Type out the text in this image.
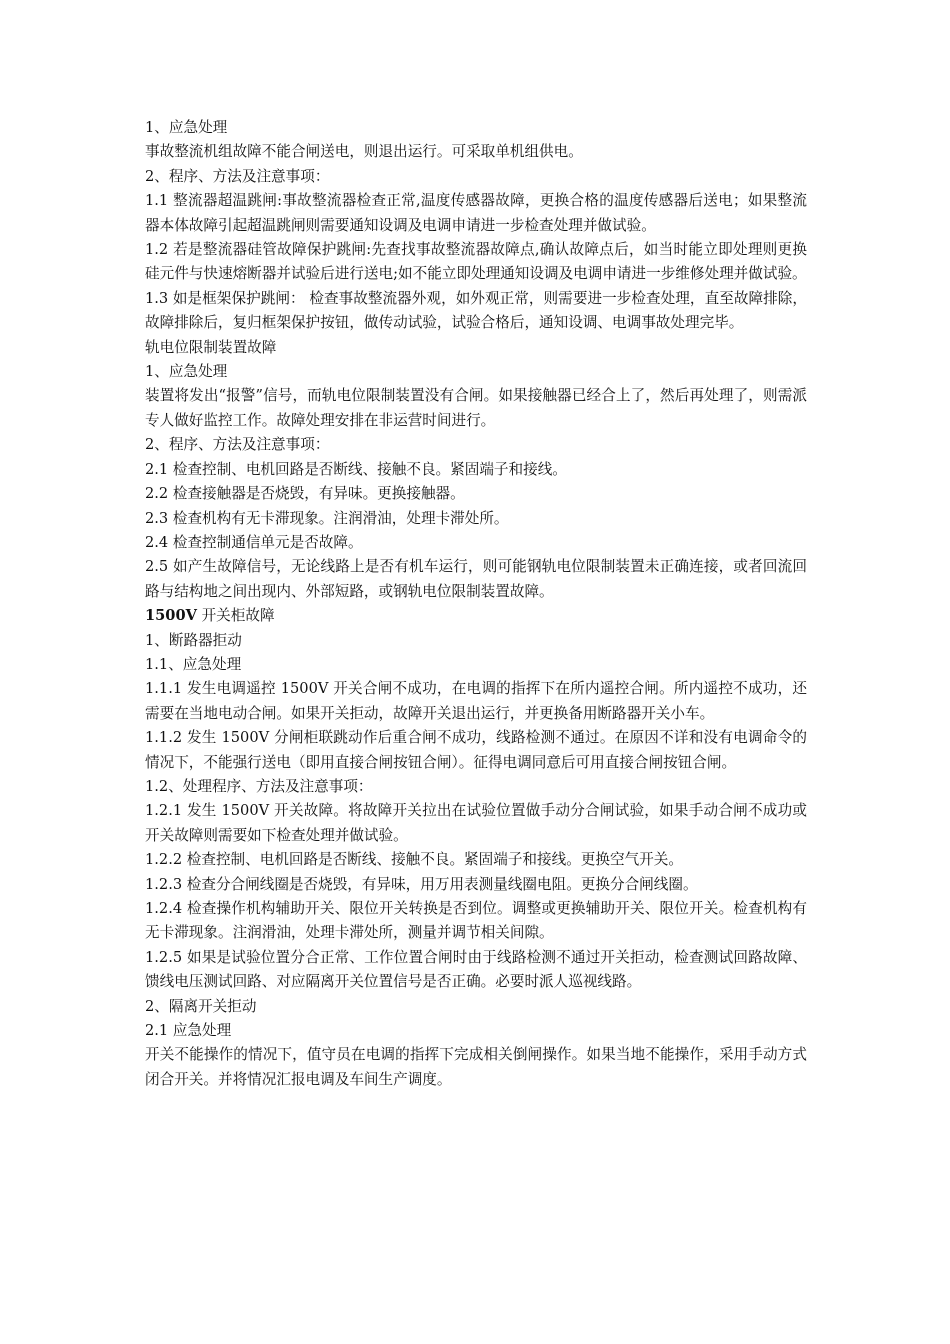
1、应急处理

事故整流机组故障不能合闸送电，则退出运行。可采取单机组供电。

2、程序、方法及注意事项：

1.1 整流器超温跳闸:事故整流器检查正常,温度传感器故障，更换合格的温度传感器后送电；如果整流器本体故障引起超温跳闸则需要通知设调及电调申请进一步检查处理并做试验。

1.2 若是整流器硅管故障保护跳闸:先查找事故整流器故障点,确认故障点后，如当时能立即处理则更换硅元件与快速熔断器并试验后进行送电;如不能立即处理通知设调及电调申请进一步维修处理并做试验。

1.3 如是框架保护跳闸： 检查事故整流器外观，如外观正常，则需要进一步检查处理，直至故障排除，故障排除后，复归框架保护按钮，做传动试验，试验合格后，通知设调、电调事故处理完毕。

轨电位限制装置故障

1、应急处理

装置将发出“报警”信号，而轨电位限制装置没有合闸。如果接触器已经合上了，然后再处理了，则需派专人做好监控工作。故障处理安排在非运营时间进行。

2、程序、方法及注意事项：

2.1 检查控制、电机回路是否断线、接触不良。紧固端子和接线。

2.2 检查接触器是否烧毁，有异味。更换接触器。

2.3 检查机构有无卡滞现象。注润滑油，处理卡滞处所。

2.4 检查控制通信单元是否故障。

2.5 如产生故障信号，无论线路上是否有机车运行，则可能钢轨电位限制装置未正确连接，或者回流回路与结构地之间出现内、外部短路，或钢轨电位限制装置故障。

1500V 开关柜故障

1、断路器拒动

1.1、应急处理

1.1.1 发生电调遥控 1500V 开关合闸不成功，在电调的指挥下在所内遥控合闸。所内遥控不成功，还需要在当地电动合闸。如果开关拒动，故障开关退出运行，并更换备用断路器开关小车。

1.1.2 发生 1500V 分闸柜联跳动作后重合闸不成功，线路检测不通过。在原因不详和没有电调命令的情况下，不能强行送电（即用直接合闸按钮合闸）。征得电调同意后可用直接合闸按钮合闸。

1.2、处理程序、方法及注意事项：

1.2.1 发生 1500V 开关故障。将故障开关拉出在试验位置做手动分合闸试验，如果手动合闸不成功或开关故障则需要如下检查处理并做试验。

1.2.2 检查控制、电机回路是否断线、接触不良。紧固端子和接线。更换空气开关。

1.2.3 检查分合闸线圈是否烧毁，有异味，用万用表测量线圈电阻。更换分合闸线圈。

1.2.4 检查操作机构辅助开关、限位开关转换是否到位。调整或更换辅助开关、限位开关。检查机构有无卡滞现象。注润滑油，处理卡滞处所，测量并调节相关间隙。

1.2.5 如果是试验位置分合正常、工作位置合闸时由于线路检测不通过开关拒动，检查测试回路故障、馈线电压测试回路、对应隔离开关位置信号是否正确。必要时派人巡视线路。

2、隔离开关拒动

2.1 应急处理

开关不能操作的情况下，值守员在电调的指挥下完成相关倒闸操作。如果当地不能操作，采用手动方式闭合开关。并将情况汇报电调及车间生产调度。
